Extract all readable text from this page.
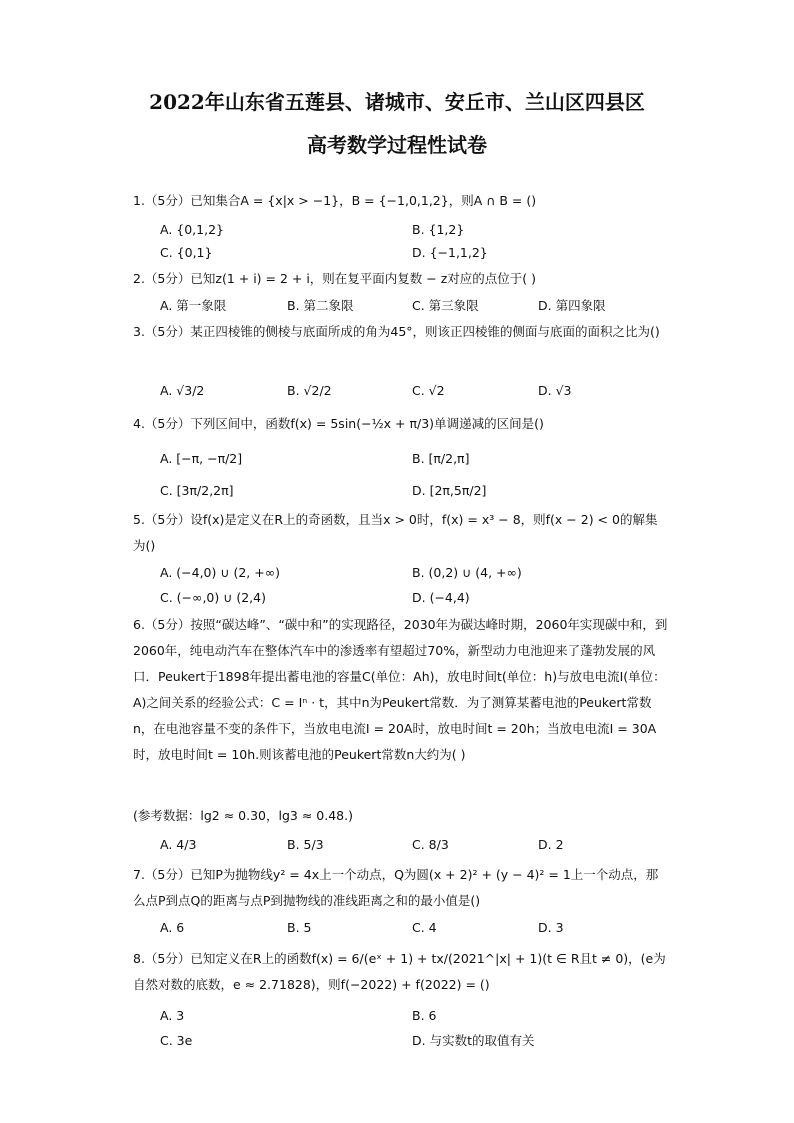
2022年山东省五莲县、诸城市、安丘市、兰山区四县区
高考数学过程性试卷
1.（5分）已知集合A = {x|x > −1}，B = {−1,0,1,2}，则A ∩ B = ()
A. {0,1,2}	B. {1,2}
C. {0,1}	D. {−1,1,2}
2.（5分）已知z(1 + i) = 2 + i，则在复平面内复数 − z对应的点位于( )
A. 第一象限	B. 第二象限	C. 第三象限	D. 第四象限
3.（5分）某正四棱锥的侧棱与底面所成的角为45°，则该正四棱锥的侧面与底面的面积之比为()
A. √3/2	B. √2/2	C. √2	D. √3
4.（5分）下列区间中，函数f(x) = 5sin(−½x + π/3)单调递减的区间是()
A. [−π, −π/2]	B. [π/2,π]
C. [3π/2,2π]	D. [2π,5π/2]
5.（5分）设f(x)是定义在R上的奇函数，且当x > 0时，f(x) = x³ − 8，则f(x − 2) < 0的解集为()
A. (−4,0) ∪ (2, +∞)	B. (0,2) ∪ (4, +∞)
C. (−∞,0) ∪ (2,4)	D. (−4,4)
6.（5分）按照“碳达峰”、“碳中和”的实现路径，2030年为碳达峰时期，2060年实现碳中和，到2060年，纯电动汽车在整体汽车中的渗透率有望超过70%，新型动力电池迎来了蓬勃发展的风口．Peukert于1898年提出蓄电池的容量C(单位：Ah)，放电时间t(单位：h)与放电电流I(单位：A)之间关系的经验公式：C = Iⁿ · t，其中n为Peukert常数．为了测算某蓄电池的Peukert常数n，在电池容量不变的条件下，当放电电流I = 20A时，放电时间t = 20h；当放电电流I = 30A时，放电时间t = 10h.则该蓄电池的Peukert常数n大约为( )
(参考数据：lg2 ≈ 0.30，lg3 ≈ 0.48.)
A. 4/3	B. 5/3	C. 8/3	D. 2
7.（5分）已知P为抛物线y² = 4x上一个动点，Q为圆(x + 2)² + (y − 4)² = 1上一个动点，那么点P到点Q的距离与点P到抛物线的准线距离之和的最小值是()
A. 6	B. 5	C. 4	D. 3
8.（5分）已知定义在R上的函数f(x) = 6/(eˣ + 1) + tx/(2021^|x| + 1)(t ∈ R且t ≠ 0)，(e为自然对数的底数，e ≈ 2.71828)，则f(−2022) + f(2022) = ()
A. 3	B. 6
C. 3e	D. 与实数t的取值有关
